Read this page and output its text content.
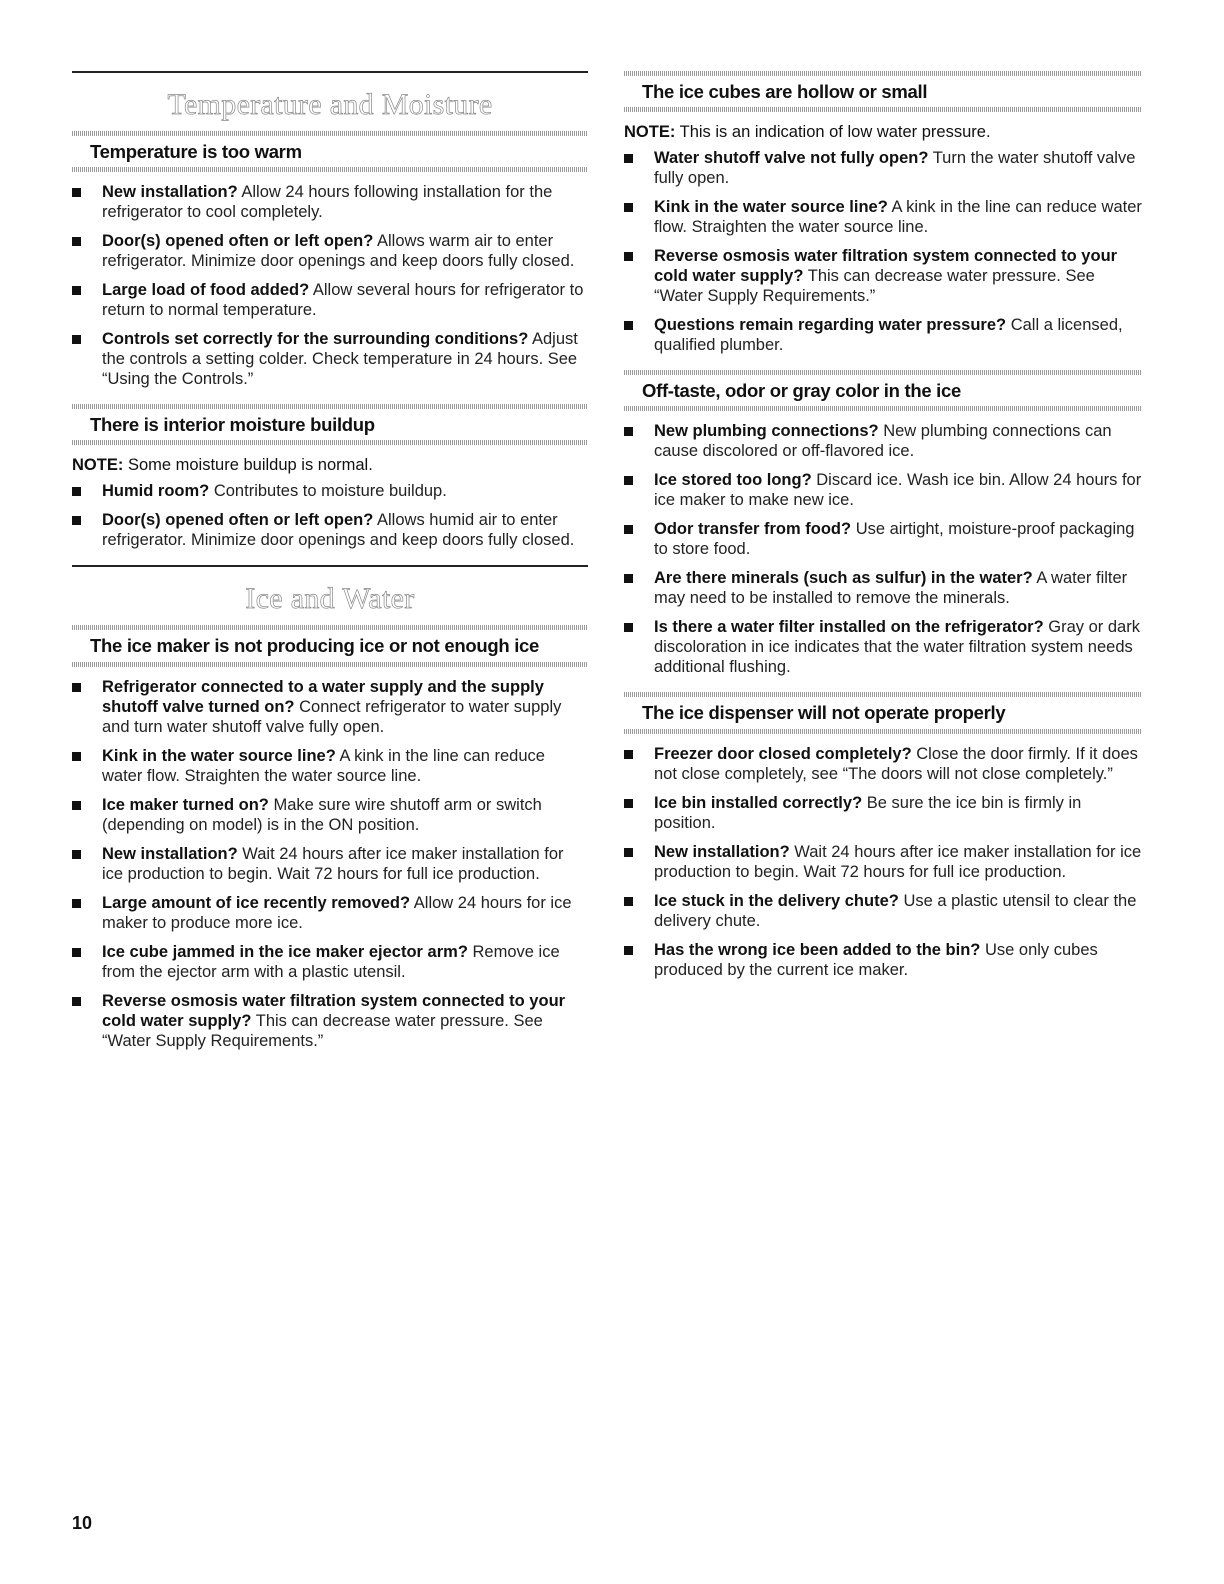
Temperature and Moisture
Temperature is too warm
New installation? Allow 24 hours following installation for the refrigerator to cool completely.
Door(s) opened often or left open? Allows warm air to enter refrigerator. Minimize door openings and keep doors fully closed.
Large load of food added? Allow several hours for refrigerator to return to normal temperature.
Controls set correctly for the surrounding conditions? Adjust the controls a setting colder. Check temperature in 24 hours. See “Using the Controls.”
There is interior moisture buildup

NOTE: Some moisture buildup is normal.

Humid room? Contributes to moisture buildup.
Door(s) opened often or left open? Allows humid air to enter refrigerator. Minimize door openings and keep doors fully closed.
Ice and Water
The ice maker is not producing ice or not enough ice
Refrigerator connected to a water supply and the supply shutoff valve turned on? Connect refrigerator to water supply and turn water shutoff valve fully open.
Kink in the water source line? A kink in the line can reduce water flow. Straighten the water source line.
Ice maker turned on? Make sure wire shutoff arm or switch (depending on model) is in the ON position.
New installation? Wait 24 hours after ice maker installation for ice production to begin. Wait 72 hours for full ice production.
Large amount of ice recently removed? Allow 24 hours for ice maker to produce more ice.
Ice cube jammed in the ice maker ejector arm? Remove ice from the ejector arm with a plastic utensil.
Reverse osmosis water filtration system connected to your cold water supply? This can decrease water pressure. See “Water Supply Requirements.”
The ice cubes are hollow or small

NOTE: This is an indication of low water pressure.

Water shutoff valve not fully open? Turn the water shutoff valve fully open.
Kink in the water source line? A kink in the line can reduce water flow. Straighten the water source line.
Reverse osmosis water filtration system connected to your cold water supply? This can decrease water pressure. See “Water Supply Requirements.”
Questions remain regarding water pressure? Call a licensed, qualified plumber.
Off-taste, odor or gray color in the ice
New plumbing connections? New plumbing connections can cause discolored or off-flavored ice.
Ice stored too long? Discard ice. Wash ice bin. Allow 24 hours for ice maker to make new ice.
Odor transfer from food? Use airtight, moisture-proof packaging to store food.
Are there minerals (such as sulfur) in the water? A water filter may need to be installed to remove the minerals.
Is there a water filter installed on the refrigerator? Gray or dark discoloration in ice indicates that the water filtration system needs additional flushing.
The ice dispenser will not operate properly
Freezer door closed completely? Close the door firmly. If it does not close completely, see “The doors will not close completely.”
Ice bin installed correctly? Be sure the ice bin is firmly in position.
New installation? Wait 24 hours after ice maker installation for ice production to begin. Wait 72 hours for full ice production.
Ice stuck in the delivery chute? Use a plastic utensil to clear the delivery chute.
Has the wrong ice been added to the bin? Use only cubes produced by the current ice maker.
10
